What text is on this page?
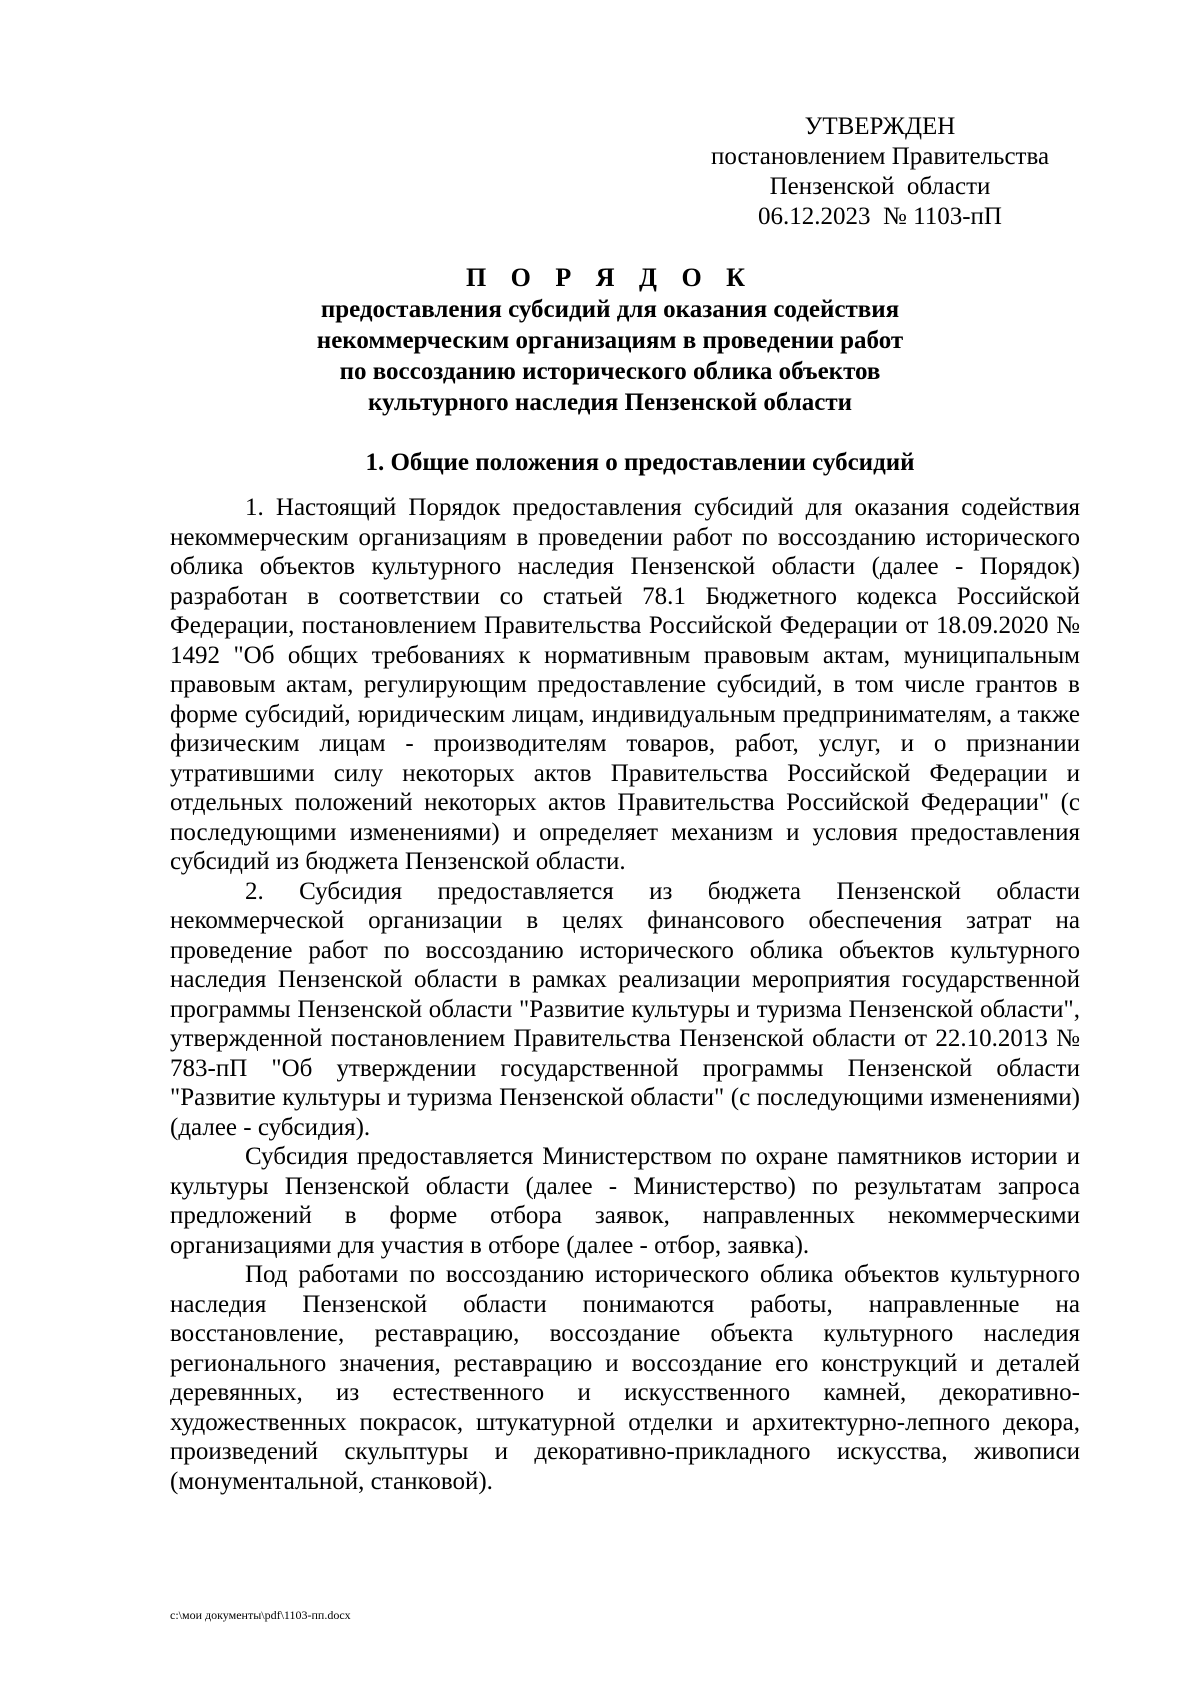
УТВЕРЖДЕН
постановлением Правительства
Пензенской  области
06.12.2023  № 1103-пП
П О Р Я Д О К
предоставления субсидий для оказания содействия
некоммерческим организациям в проведении работ
по воссозданию исторического облика объектов
культурного наследия Пензенской области
1. Общие положения о предоставлении субсидий

1. Настоящий Порядок предоставления субсидий для оказания содействия некоммерческим организациям в проведении работ по воссозданию исторического облика объектов культурного наследия Пензенской области (далее - Порядок) разработан в соответствии со статьей 78.1 Бюджетного кодекса Российской Федерации, постановлением Правительства Российской Федерации от 18.09.2020 № 1492 "Об общих требованиях к нормативным правовым актам, муниципальным правовым актам, регулирующим предоставление субсидий, в том числе грантов в форме субсидий, юридическим лицам, индивидуальным предпринимателям, а также физическим лицам - производителям товаров, работ, услуг, и о признании утратившими силу некоторых актов Правительства Российской Федерации и отдельных положений некоторых актов Правительства Российской Федерации" (с последующими изменениями) и определяет механизм и условия предоставления субсидий из бюджета Пензенской области.

2. Субсидия предоставляется из бюджета Пензенской области некоммерческой организации в целях финансового обеспечения затрат на проведение работ по воссозданию исторического облика объектов культурного наследия Пензенской области в рамках реализации мероприятия государственной программы Пензенской области "Развитие культуры и туризма Пензенской области", утвержденной постановлением Правительства Пензенской области от 22.10.2013 № 783-пП "Об утверждении государственной программы Пензенской области "Развитие культуры и туризма Пензенской области" (с последующими изменениями) (далее - субсидия).

Субсидия предоставляется Министерством по охране памятников истории и культуры Пензенской области (далее - Министерство) по результатам запроса предложений в форме отбора заявок, направленных некоммерческими организациями для участия в отборе (далее - отбор, заявка).

Под работами по воссозданию исторического облика объектов культурного наследия Пензенской области понимаются работы, направленные на восстановление, реставрацию, воссоздание объекта культурного наследия регионального значения, реставрацию и воссоздание его конструкций и деталей деревянных, из естественного и искусственного камней, декоративно-художественных покрасок, штукатурной отделки и архитектурно-лепного декора, произведений скульптуры и декоративно-прикладного искусства, живописи (монументальной, станковой).

c:\мои документы\pdf\1103-пп.docx
